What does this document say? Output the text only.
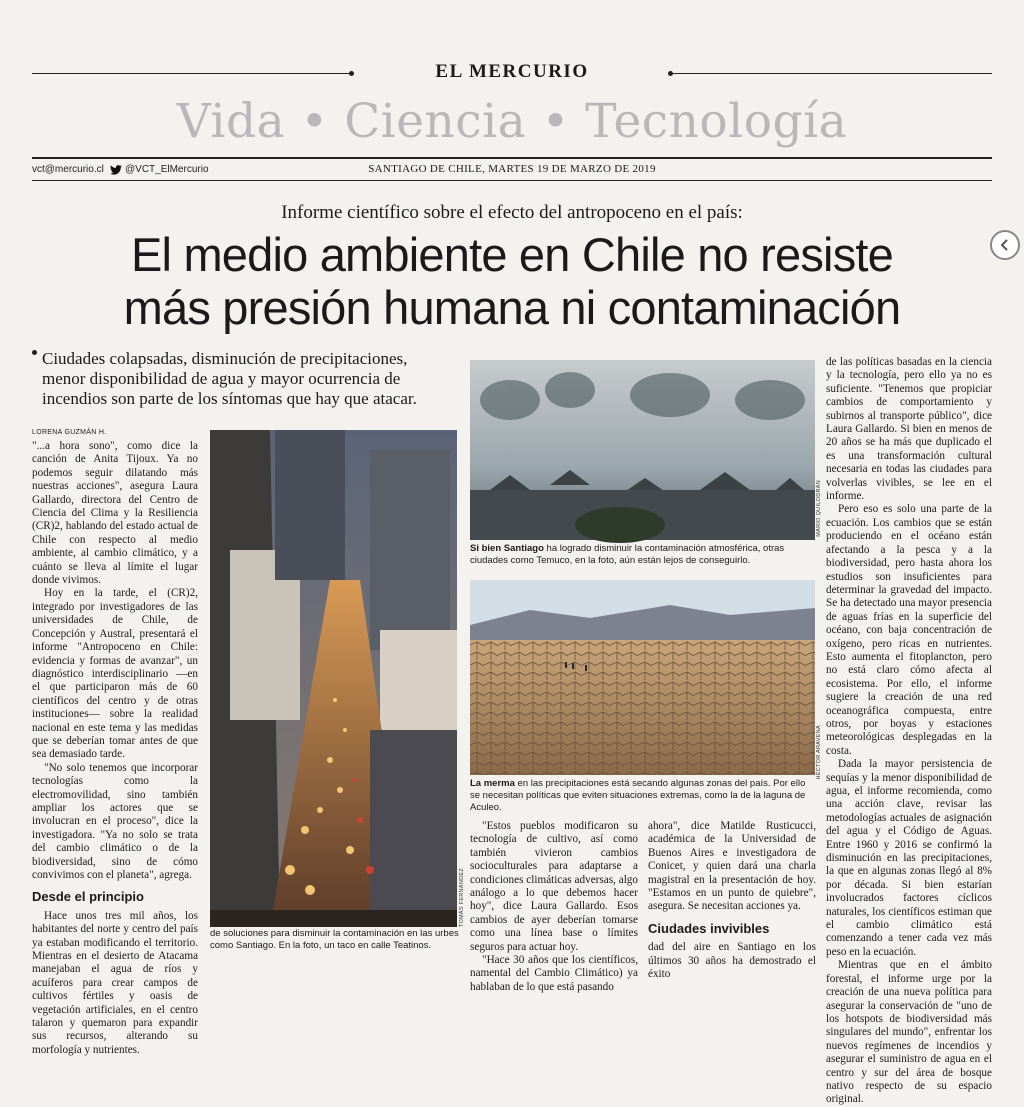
EL MERCURIO
Vida • Ciencia • Tecnología
vct@mercurio.cl @VCT_ElMercurio	SANTIAGO DE CHILE, MARTES 19 DE MARZO DE 2019
Informe científico sobre el efecto del antropoceno en el país:
El medio ambiente en Chile no resiste
más presión humana ni contaminación
Ciudades colapsadas, disminución de precipitaciones, menor disponibilidad de agua y mayor ocurrencia de incendios son parte de los síntomas que hay que atacar.
LORENA GUZMÁN H.

"...a hora sono", como dice la canción de Anita Tijoux. Ya no podemos seguir dilatando más nuestras acciones", asegura Laura Gallardo, directora del Centro de Ciencia del Clima y la Resiliencia (CR)2, hablando del estado actual de Chile con respecto al medio ambiente, al cambio climático, y a cuánto se lleva al límite el lugar donde vivimos.

Hoy en la tarde, el (CR)2, integrado por investigadores de las universidades de Chile, de Concepción y Austral, presentará el informe "Antropoceno en Chile: evidencia y formas de avanzar", un diagnóstico interdisciplinario —en el que participaron más de 60 científicos del centro y de otras instituciones— sobre la realidad nacional en este tema y las medidas que se deberían tomar antes de que sea demasiado tarde.

"No solo tenemos que incorporar tecnologías como la electromovilidad, sino también ampliar los actores que se involucran en el proceso", dice la investigadora. "Ya no solo se trata del cambio climático o de la biodiversidad, sino de cómo convivimos con el planeta", agrega.

Desde el principio

Hace unos tres mil años, los habitantes del norte y centro del país ya estaban modificando el territorio. Mientras en el desierto de Atacama manejaban el agua de ríos y acuíferos para crear campos de cultivos fértiles y oasis de vegetación artificiales, en el centro talaron y quemaron para expandir sus recursos, alterando su morfología y nutrientes.

TOMÁS FERNÁNDEZ
de soluciones para disminuir la contaminación en las urbes como Santiago. En la foto, un taco en calle Teatinos.
MARIO QUILODRÁN
Si bien Santiago ha logrado disminuir la contaminación atmosférica, otras ciudades como Temuco, en la foto, aún están lejos de conseguirlo.
HÉCTOR ARAVENA
La merma en las precipitaciones está secando algunas zonas del país. Por ello se necesitan políticas que eviten situaciones extremas, como la de la laguna de Aculeo.

"Estos pueblos modificaron su tecnología de cultivo, así como también vivieron cambios socioculturales para adaptarse a condiciones climáticas adversas, algo análogo a lo que debemos hacer hoy", dice Laura Gallardo. Esos cambios de ayer deberían tomarse como una línea base o límites seguros para actuar hoy.

"Hace 30 años que los científicos, namental del Cambio Climático) ya hablaban de lo que está pasando

ahora", dice Matilde Rusticucci, académica de la Universidad de Buenos Aires e investigadora de Conicet, y quien dará una charla magistral en la presentación de hoy. "Estamos en un punto de quiebre", asegura. Se necesitan acciones ya.

Ciudades invivibles

dad del aire en Santiago en los últimos 30 años ha demostrado el éxito

de las políticas basadas en la ciencia y la tecnología, pero ello ya no es suficiente. "Tenemos que propiciar cambios de comportamiento y subirnos al transporte público", dice Laura Gallardo. Si bien en menos de 20 años se ha más que duplicado el es una transformación cultural necesaria en todas las ciudades para volverlas vivibles, se lee en el informe.

Pero eso es solo una parte de la ecuación. Los cambios que se están produciendo en el océano están afectando a la pesca y a la biodiversidad, pero hasta ahora los estudios son insuficientes para determinar la gravedad del impacto. Se ha detectado una mayor presencia de aguas frías en la superficie del océano, con baja concentración de oxígeno, pero ricas en nutrientes. Esto aumenta el fitoplancton, pero no está claro cómo afecta al ecosistema. Por ello, el informe sugiere la creación de una red oceanográfica compuesta, entre otros, por boyas y estaciones meteorológicas desplegadas en la costa.

Dada la mayor persistencia de sequías y la menor disponibilidad de agua, el informe recomienda, como una acción clave, revisar las metodologías actuales de asignación del agua y el Código de Aguas. Entre 1960 y 2016 se confirmó la disminución en las precipitaciones, la que en algunas zonas llegó al 8% por década. Si bien estarían involucrados factores cíclicos naturales, los científicos estiman que el cambio climático está comenzando a tener cada vez más peso en la ecuación.

Mientras que en el ámbito forestal, el informe urge por la creación de una nueva política para asegurar la conservación de "uno de los hotspots de biodiversidad más singulares del mundo", enfrentar los nuevos regímenes de incendios y asegurar el suministro de agua en el centro y sur del área de bosque nativo respecto de su espacio original.
